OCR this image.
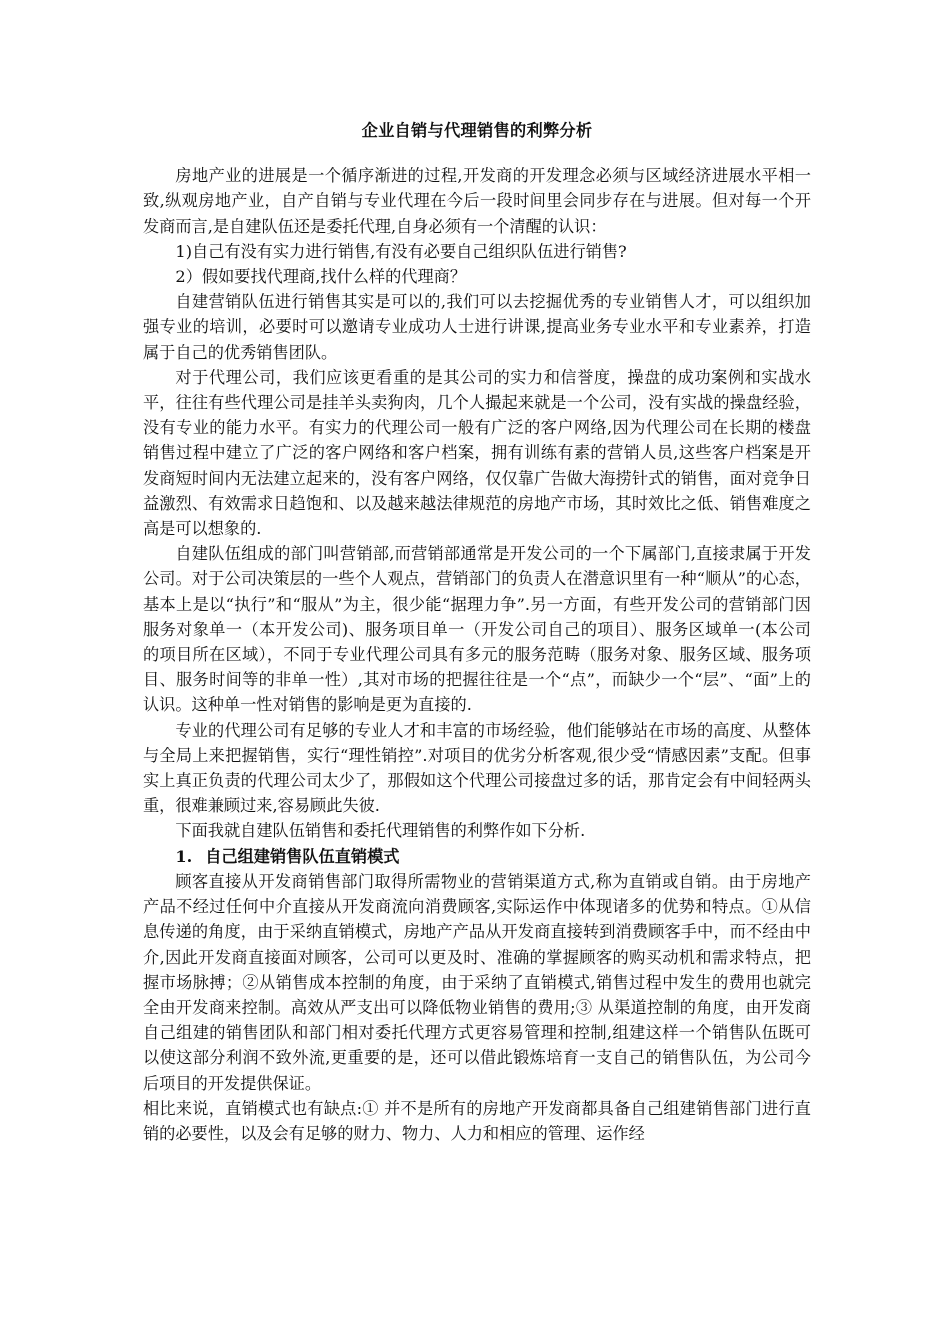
企业自销与代理销售的利弊分析

房地产业的进展是一个循序渐进的过程,开发商的开发理念必须与区域经济进展水平相一致,纵观房地产业，自产自销与专业代理在今后一段时间里会同步存在与进展。但对每一个开发商而言,是自建队伍还是委托代理,自身必须有一个清醒的认识：

1)自己有没有实力进行销售,有没有必要自己组织队伍进行销售?

2）假如要找代理商,找什么样的代理商？

自建营销队伍进行销售其实是可以的,我们可以去挖掘优秀的专业销售人才，可以组织加强专业的培训，必要时可以邀请专业成功人士进行讲课,提高业务专业水平和专业素养，打造属于自己的优秀销售团队。

对于代理公司，我们应该更看重的是其公司的实力和信誉度，操盘的成功案例和实战水平，往往有些代理公司是挂羊头卖狗肉，几个人撮起来就是一个公司，没有实战的操盘经验，没有专业的能力水平。有实力的代理公司一般有广泛的客户网络,因为代理公司在长期的楼盘销售过程中建立了广泛的客户网络和客户档案，拥有训练有素的营销人员,这些客户档案是开发商短时间内无法建立起来的，没有客户网络，仅仅靠广告做大海捞针式的销售，面对竞争日益激烈、有效需求日趋饱和、以及越来越法律规范的房地产市场，其时效比之低、销售难度之高是可以想象的.

自建队伍组成的部门叫营销部,而营销部通常是开发公司的一个下属部门,直接隶属于开发公司。对于公司决策层的一些个人观点，营销部门的负责人在潜意识里有一种“顺从”的心态，基本上是以“执行”和“服从”为主，很少能“据理力争”.另一方面，有些开发公司的营销部门因服务对象单一（本开发公司)、服务项目单一（开发公司自己的项目）、服务区域单一(本公司的项目所在区域），不同于专业代理公司具有多元的服务范畴（服务对象、服务区域、服务项目、服务时间等的非单一性）,其对市场的把握往往是一个“点”，而缺少一个“层”、“面”上的认识。这种单一性对销售的影响是更为直接的.

专业的代理公司有足够的专业人才和丰富的市场经验，他们能够站在市场的高度、从整体与全局上来把握销售，实行“理性销控”.对项目的优劣分析客观,很少受“情感因素”支配。但事实上真正负责的代理公司太少了，那假如这个代理公司接盘过多的话，那肯定会有中间轻两头重，很难兼顾过来,容易顾此失彼.

下面我就自建队伍销售和委托代理销售的利弊作如下分析.

1. 自己组建销售队伍直销模式

顾客直接从开发商销售部门取得所需物业的营销渠道方式,称为直销或自销。由于房地产产品不经过任何中介直接从开发商流向消费顾客,实际运作中体现诸多的优势和特点。①从信息传递的角度，由于采纳直销模式，房地产产品从开发商直接转到消费顾客手中，而不经由中介,因此开发商直接面对顾客，公司可以更及时、准确的掌握顾客的购买动机和需求特点，把握市场脉搏；②从销售成本控制的角度，由于采纳了直销模式,销售过程中发生的费用也就完全由开发商来控制。高效从严支出可以降低物业销售的费用;③ 从渠道控制的角度，由开发商自己组建的销售团队和部门相对委托代理方式更容易管理和控制,组建这样一个销售队伍既可以使这部分利润不致外流,更重要的是，还可以借此锻炼培育一支自己的销售队伍，为公司今后项目的开发提供保证。

相比来说，直销模式也有缺点:① 并不是所有的房地产开发商都具备自己组建销售部门进行直销的必要性，以及会有足够的财力、物力、人力和相应的管理、运作经
